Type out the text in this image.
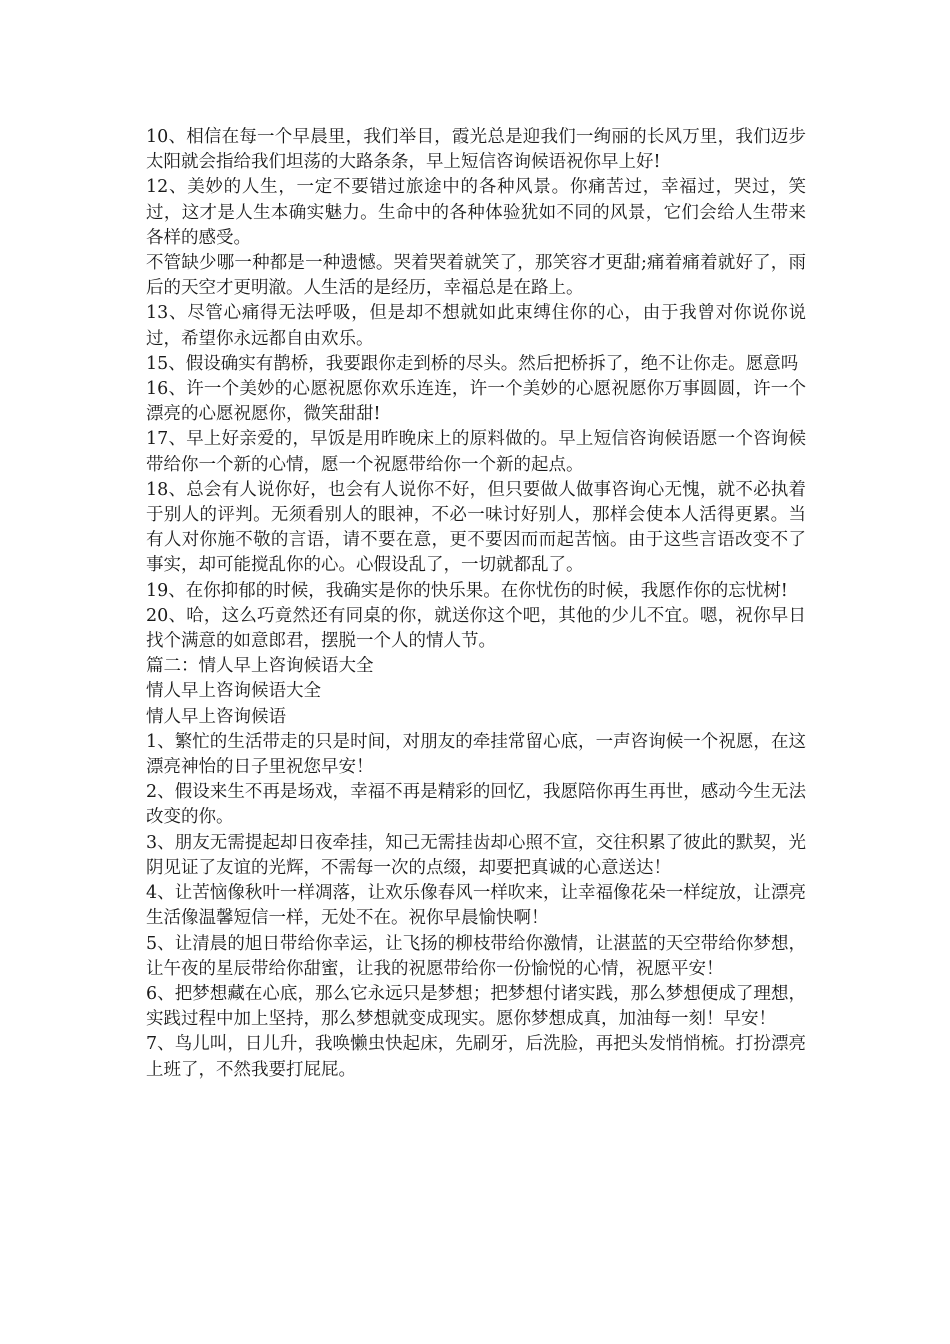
10、相信在每一个早晨里，我们举目，霞光总是迎我们一绚丽的长风万里，我们迈步太阳就会指给我们坦荡的大路条条，早上短信咨询候语祝你早上好!

12、美妙的人生，一定不要错过旅途中的各种风景。你痛苦过，幸福过，哭过，笑过，这才是人生本确实魅力。生命中的各种体验犹如不同的风景，它们会给人生带来各样的感受。

不管缺少哪一种都是一种遗憾。哭着哭着就笑了，那笑容才更甜;痛着痛着就好了，雨后的天空才更明澈。人生活的是经历，幸福总是在路上。

13、尽管心痛得无法呼吸，但是却不想就如此束缚住你的心，由于我曾对你说你说过，希望你永远都自由欢乐。

15、假设确实有鹊桥，我要跟你走到桥的尽头。然后把桥拆了，绝不让你走。愿意吗

16、许一个美妙的心愿祝愿你欢乐连连，许一个美妙的心愿祝愿你万事圆圆，许一个漂亮的心愿祝愿你，微笑甜甜!

17、早上好亲爱的，早饭是用昨晚床上的原料做的。早上短信咨询候语愿一个咨询候带给你一个新的心情，愿一个祝愿带给你一个新的起点。

18、总会有人说你好，也会有人说你不好，但只要做人做事咨询心无愧，就不必执着于别人的评判。无须看别人的眼神，不必一味讨好别人，那样会使本人活得更累。当有人对你施不敬的言语，请不要在意，更不要因而而起苦恼。由于这些言语改变不了事实，却可能搅乱你的心。心假设乱了，一切就都乱了。

19、在你抑郁的时候，我确实是你的快乐果。在你忧伤的时候，我愿作你的忘忧树!

20、哈，这么巧竟然还有同桌的你，就送你这个吧，其他的少儿不宜。嗯，祝你早日找个满意的如意郎君，摆脱一个人的情人节。

篇二：情人早上咨询候语大全

情人早上咨询候语大全

情人早上咨询候语

1、繁忙的生活带走的只是时间，对朋友的牵挂常留心底，一声咨询候一个祝愿，在这漂亮神怡的日子里祝您早安！

2、假设来生不再是场戏，幸福不再是精彩的回忆，我愿陪你再生再世，感动今生无法改变的你。

3、朋友无需提起却日夜牵挂，知己无需挂齿却心照不宣，交往积累了彼此的默契，光阴见证了友谊的光辉，不需每一次的点缀，却要把真诚的心意送达！

4、让苦恼像秋叶一样凋落，让欢乐像春风一样吹来，让幸福像花朵一样绽放，让漂亮生活像温馨短信一样，无处不在。祝你早晨愉快啊！

5、让清晨的旭日带给你幸运，让飞扬的柳枝带给你激情，让湛蓝的天空带给你梦想，让午夜的星辰带给你甜蜜，让我的祝愿带给你一份愉悦的心情，祝愿平安！

6、把梦想藏在心底，那么它永远只是梦想；把梦想付诸实践，那么梦想便成了理想，实践过程中加上坚持，那么梦想就变成现实。愿你梦想成真，加油每一刻！早安！

7、鸟儿叫，日儿升，我唤懒虫快起床，先刷牙，后洗脸，再把头发悄悄梳。打扮漂亮上班了，不然我要打屁屁。
